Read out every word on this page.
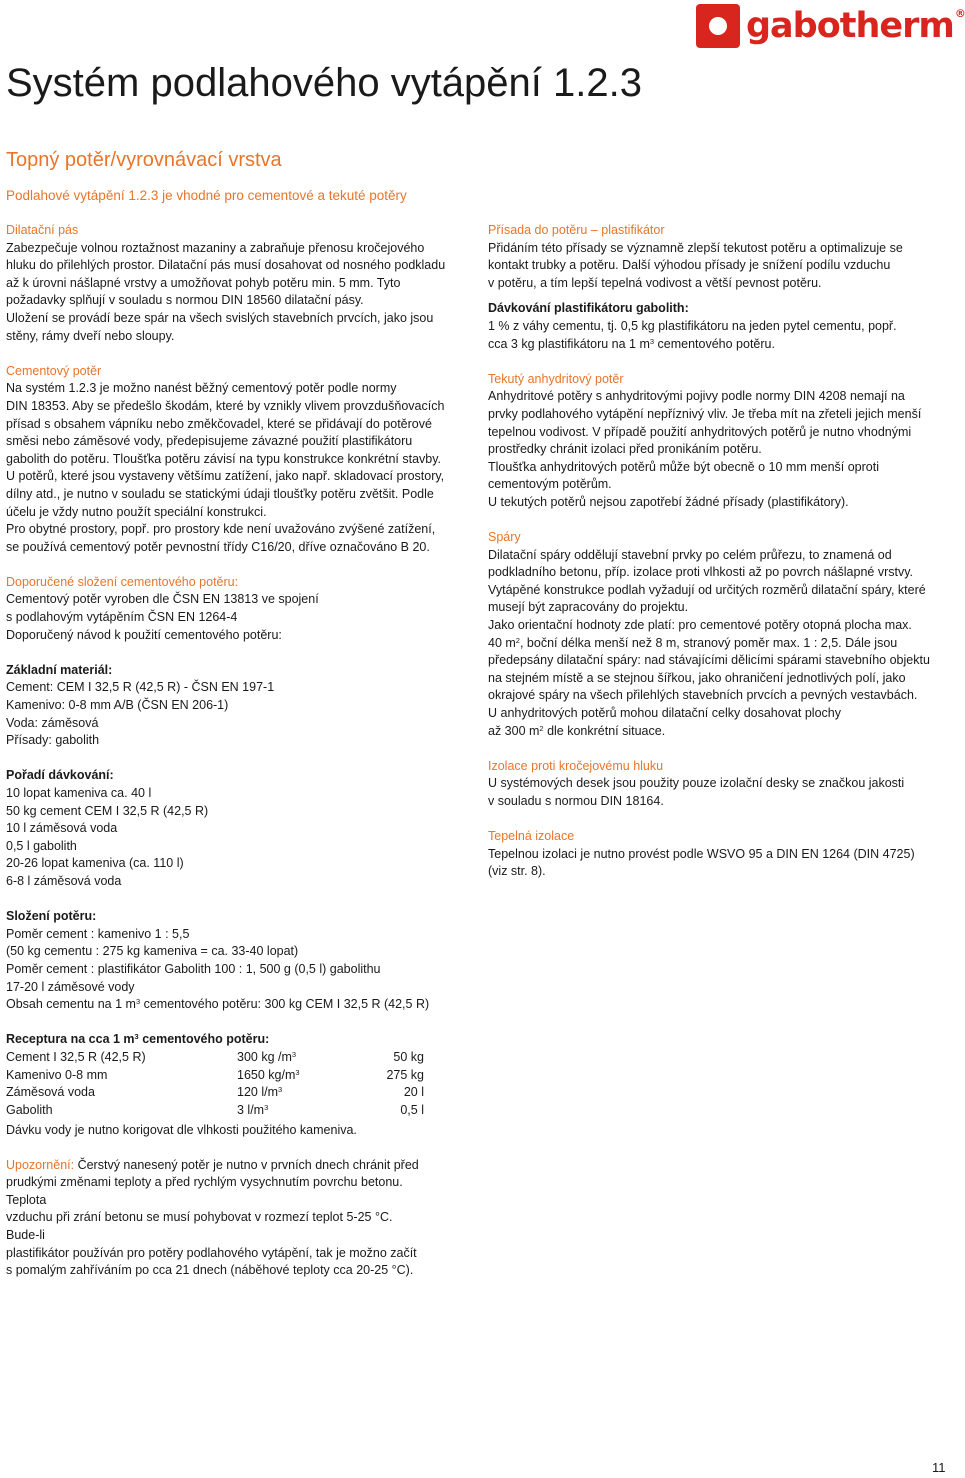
gabotherm®
Systém podlahového vytápění 1.2.3
Topný potěr/vyrovnávací vrstva

Podlahové vytápění 1.2.3 je vhodné pro cementové a tekuté potěry

Dilatační pás

Zabezpečuje volnou roztažnost mazaniny a zabraňuje přenosu kročejového

hluku do přilehlých prostor. Dilatační pás musí dosahovat od nosného podkladu

až k úrovni nášlapné vrstvy a umožňovat pohyb potěru min. 5 mm. Tyto

požadavky splňují v souladu s normou DIN 18560 dilatační pásy.

Uložení se provádí beze spár na všech svislých stavebních prvcích, jako jsou

stěny, rámy dveří nebo sloupy.

Cementový potěr

Na systém 1.2.3 je možno nanést běžný cementový potěr podle normy

DIN 18353. Aby se předešlo škodám, které by vznikly vlivem provzdušňovacích

přísad s obsahem vápníku nebo změkčovadel, které se přidávají do potěrové

směsi nebo záměsové vody, předepisujeme závazné použití plastifikátoru

gabolith do potěru. Tloušťka potěru závisí na typu konstrukce konkrétní stavby.

U potěrů, které jsou vystaveny většímu zatížení, jako např. skladovací prostory,

dílny atd., je nutno v souladu se statickými údaji tloušťky potěru zvětšit. Podle

účelu je vždy nutno použít speciální konstrukci.

Pro obytné prostory, popř. pro prostory kde není uvažováno zvýšené zatížení,

se používá cementový potěr pevnostní třídy C16/20, dříve označováno B 20.

Doporučené složení cementového potěru:

Cementový potěr vyroben dle ČSN EN 13813 ve spojení

s podlahovým vytápěním ČSN EN 1264-4

Doporučený návod k použití cementového potěru:

Základní materiál:

Cement: CEM I 32,5 R (42,5 R) - ČSN EN 197-1

Kamenivo: 0-8 mm A/B (ČSN EN 206-1)

Voda: záměsová

Přísady: gabolith

Pořadí dávkování:

10 lopat kameniva ca. 40 l

50 kg cement CEM I 32,5 R (42,5 R)

10 l záměsová voda

0,5 l gabolith

20-26 lopat kameniva (ca. 110 l)

6-8 l záměsová voda

Složení potěru:

Poměr cement : kamenivo 1 : 5,5

(50 kg cementu : 275 kg kameniva = ca. 33-40 lopat)

Poměr cement : plastifikátor Gabolith 100 : 1, 500 g (0,5 l) gabolithu

17-20 l záměsové vody

Obsah cementu na 1 $m^3$ cementového potěru: 300 kg CEM I 32,5 R (42,5 R)

Receptura na cca 1 $m^3$ cementového potěru:

Cement I 32,5 R (42,5 R)	300 kg $/m^3$	50 kg
Kamenivo 0-8 mm	1650 $kg/m^3$	275 kg
Záměsová voda	120 $l/m^3$	20 l
Gabolith	3 $l/m^3$	0,5 l

Dávku vody je nutno korigovat dle vlhkosti použitého kameniva.

Upozornění: Čerstvý nanesený potěr je nutno v prvních dnech chránit před

prudkými změnami teploty a před rychlým vysychnutím povrchu betonu. Teplota

vzduchu při zrání betonu se musí pohybovat v rozmezí teplot 5-25 °C. Bude-li

plastifikátor používán pro potěry podlahového vytápění, tak je možno začít

s pomalým zahříváním po cca 21 dnech (náběhové teploty cca 20-25 °C).

Přísada do potěru – plastifikátor

Přidáním této přísady se významně zlepší tekutost potěru a optimalizuje se

kontakt trubky a potěru. Další výhodou přísady je snížení podílu vzduchu

v potěru, a tím lepší tepelná vodivost a větší pevnost potěru.

Dávkování plastifikátoru gabolith:

1 % z váhy cementu, tj. 0,5 kg plastifikátoru na jeden pytel cementu, popř.

cca 3 kg plastifikátoru na 1 $m^3$ cementového potěru.

Tekutý anhydritový potěr

Anhydritové potěry s anhydritovými pojivy podle normy DIN 4208 nemají na

prvky podlahového vytápění nepříznivý vliv. Je třeba mít na zřeteli jejich menší

tepelnou vodivost. V případě použití anhydritových potěrů je nutno vhodnými

prostředky chránit izolaci před pronikáním potěru.

Tloušťka anhydritových potěrů může být obecně o 10 mm menší oproti

cementovým potěrům.

U tekutých potěrů nejsou zapotřebí žádné přísady (plastifikátory).

Spáry

Dilatační spáry oddělují stavební prvky po celém průřezu, to znamená od

podkladního betonu, příp. izolace proti vlhkosti až po povrch nášlapné vrstvy.

Vytápěné konstrukce podlah vyžadují od určitých rozměrů dilatační spáry, které

musejí být zapracovány do projektu.

Jako orientační hodnoty zde platí: pro cementové potěry otopná plocha max.

40 $m^2$, boční délka menší než 8 m, stranový poměr max. 1 : 2,5. Dále jsou

předepsány dilatační spáry: nad stávajícími dělicími spárami stavebního objektu

na stejném místě a se stejnou šířkou, jako ohraničení jednotlivých polí, jako

okrajové spáry na všech přilehlých stavebních prvcích a pevných vestavbách.

U anhydritových potěrů mohou dilatační celky dosahovat plochy

až 300 $m^2$ dle konkrétní situace.

Izolace proti kročejovému hluku

U systémových desek jsou použity pouze izolační desky se značkou jakosti

v souladu s normou DIN 18164.

Tepelná izolace

Tepelnou izolaci je nutno provést podle WSVO 95 a DIN EN 1264 (DIN 4725)

(viz str. 8).

11
